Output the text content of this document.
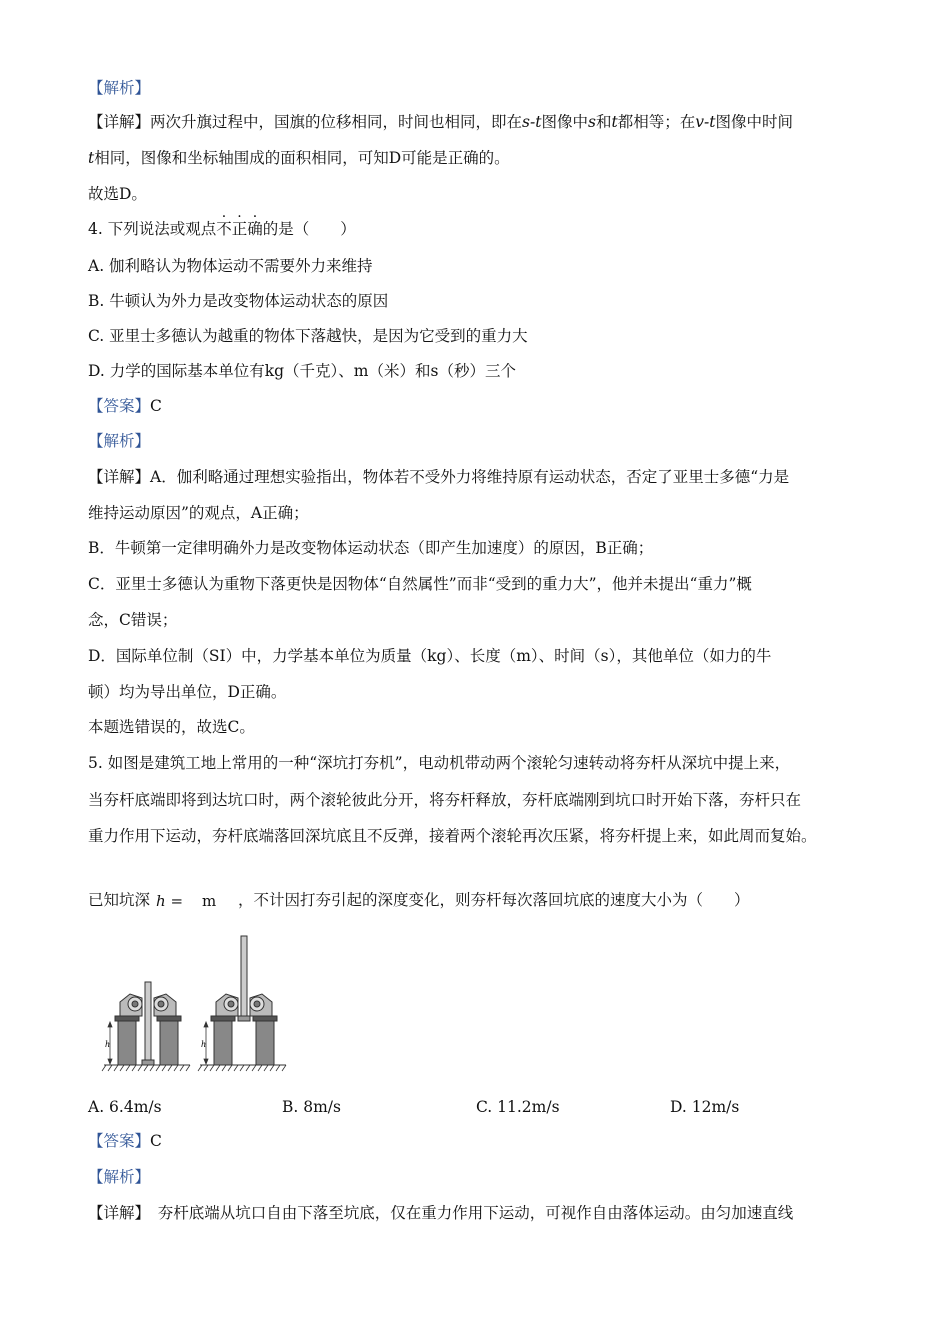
【解析】
【详解】两次升旗过程中，国旗的位移相同，时间也相同，即在s-t图像中s和t都相等；在v-t图像中时间
t相同，图像和坐标轴围成的面积相同，可知D可能是正确的。
故选D。
4. 下列说法或观点不正确的是（　　）
A. 伽利略认为物体运动不需要外力来维持
B. 牛顿认为外力是改变物体运动状态的原因
C. 亚里士多德认为越重的物体下落越快，是因为它受到的重力大
D. 力学的国际基本单位有kg（千克）、m（米）和s（秒）三个
【答案】C
【解析】
【详解】A．伽利略通过理想实验指出，物体若不受外力将维持原有运动状态，否定了亚里士多德“力是
维持运动原因”的观点，A正确；
B．牛顿第一定律明确外力是改变物体运动状态（即产生加速度）的原因，B正确；
C．亚里士多德认为重物下落更快是因物体“自然属性”而非“受到的重力大”，他并未提出“重力”概
念，C错误；
D．国际单位制（SI）中，力学基本单位为质量（kg）、长度（m）、时间（s），其他单位（如力的牛
顿）均为导出单位，D正确。
本题选错误的，故选C。
5. 如图是建筑工地上常用的一种“深坑打夯机”，电动机带动两个滚轮匀速转动将夯杆从深坑中提上来，
当夯杆底端即将到达坑口时，两个滚轮彼此分开，将夯杆释放，夯杆底端刚到坑口时开始下落，夯杆只在
重力作用下运动，夯杆底端落回深坑底且不反弹，接着两个滚轮再次压紧，将夯杆提上来，如此周而复始。
已知坑深 h = m ，不计因打夯引起的深度变化，则夯杆每次落回坑底的速度大小为（　　）
h	h
A. 6.4m/s	B. 8m/s	C. 11.2m/s	D. 12m/s
【答案】C
【解析】
【详解】　夯杆底端从坑口自由下落至坑底，仅在重力作用下运动，可视作自由落体运动。由匀加速直线
